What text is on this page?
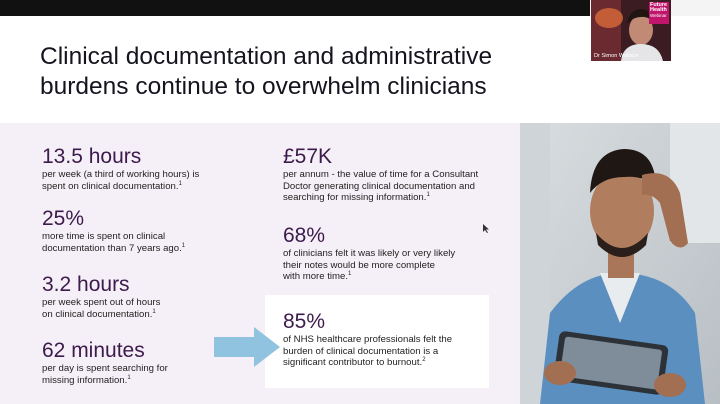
Clinical documentation and administrative
burdens continue to overwhelm clinicians
13.5 hours
per week (a third of working hours) is
spent on clinical documentation.$^1$
25%
more time is spent on clinical
documentation than 7 years ago.$^1$
3.2 hours
per week spent out of hours
on clinical documentation.$^1$
62 minutes
per day is spent searching for
missing information.$^1$
£57K
per annum - the value of time for a Consultant
Doctor generating clinical documentation and
searching for missing information.$^1$
68%
of clinicians felt it was likely or very likely
their notes would be more complete
with more time.$^1$
85%
of NHS healthcare professionals felt the
burden of clinical documentation is a
significant contributor to burnout.$^2$
Future
Health
Webinar
Dr Simon Wallace
